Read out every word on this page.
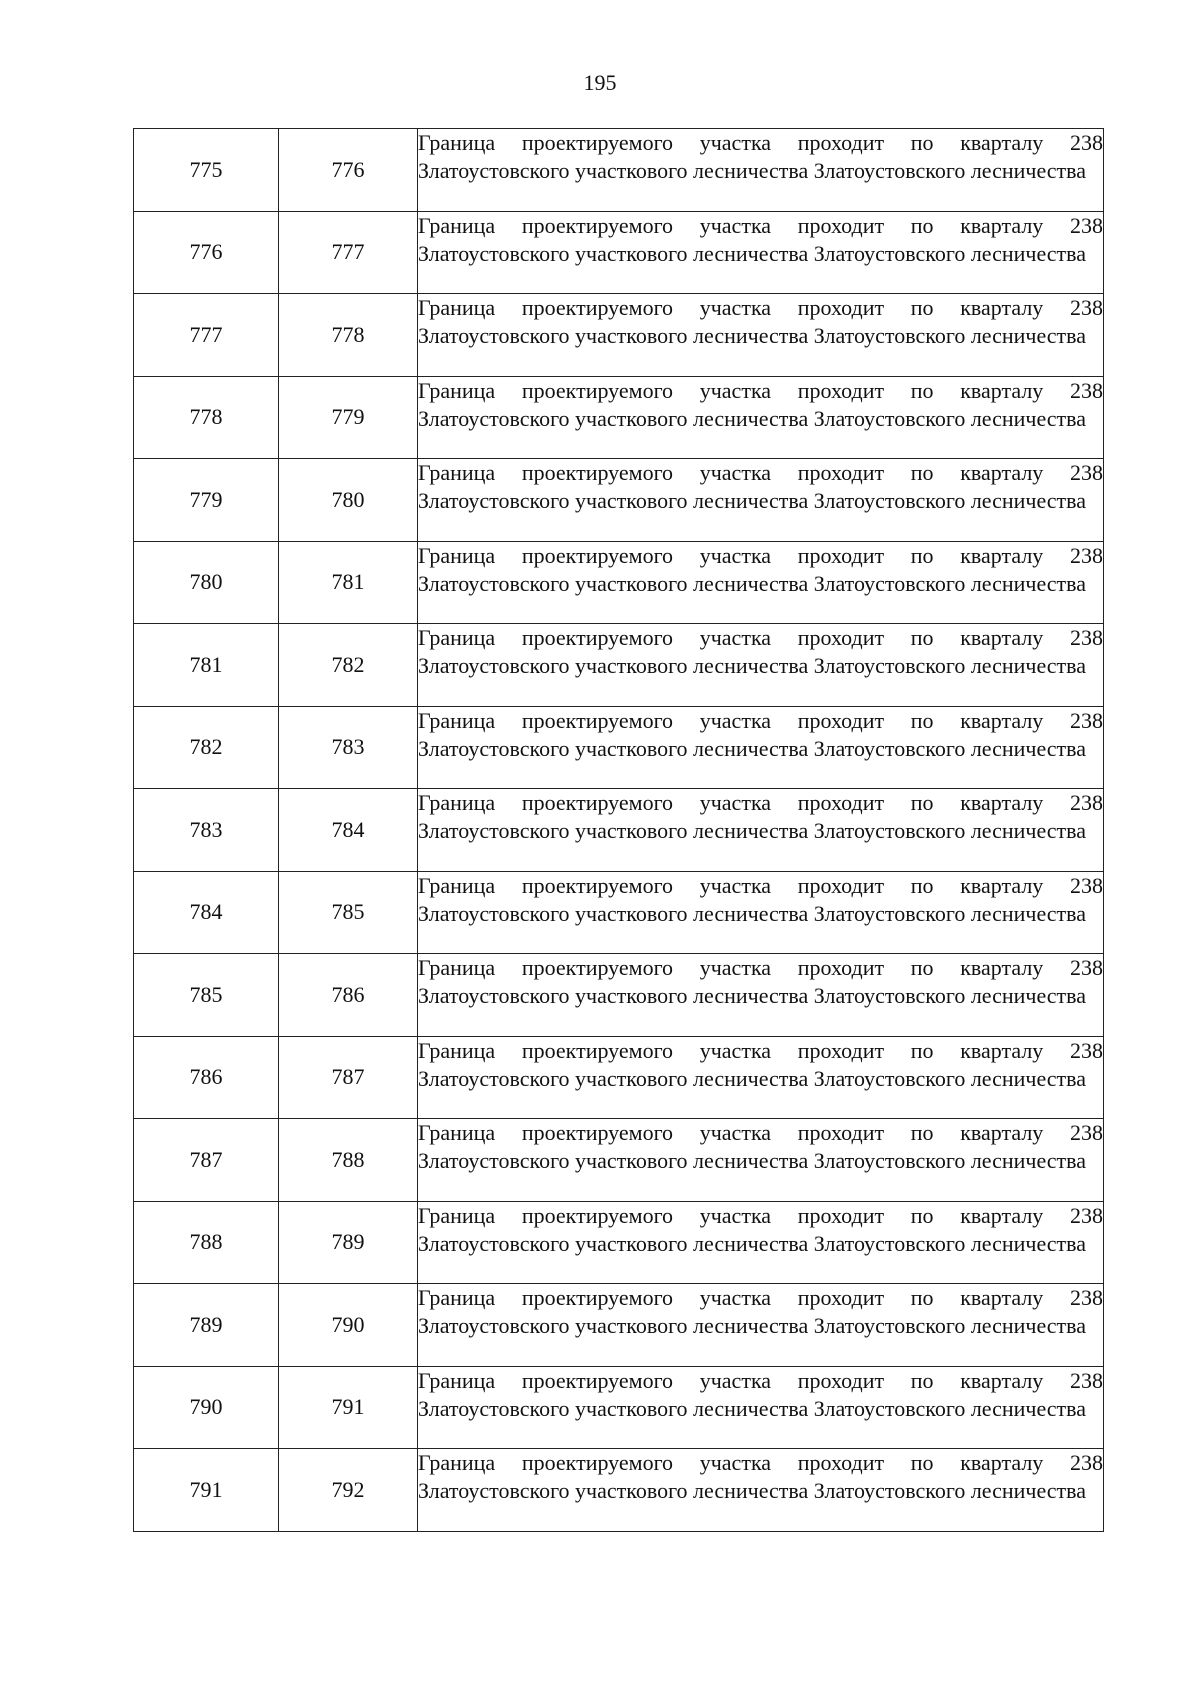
195
775	776	Граница проектируемого участка проходит по кварталу 238 Златоустовского участкового лесничества Златоустовского лесничества
776	777	Граница проектируемого участка проходит по кварталу 238 Златоустовского участкового лесничества Златоустовского лесничества
777	778	Граница проектируемого участка проходит по кварталу 238 Златоустовского участкового лесничества Златоустовского лесничества
778	779	Граница проектируемого участка проходит по кварталу 238 Златоустовского участкового лесничества Златоустовского лесничества
779	780	Граница проектируемого участка проходит по кварталу 238 Златоустовского участкового лесничества Златоустовского лесничества
780	781	Граница проектируемого участка проходит по кварталу 238 Златоустовского участкового лесничества Златоустовского лесничества
781	782	Граница проектируемого участка проходит по кварталу 238 Златоустовского участкового лесничества Златоустовского лесничества
782	783	Граница проектируемого участка проходит по кварталу 238 Златоустовского участкового лесничества Златоустовского лесничества
783	784	Граница проектируемого участка проходит по кварталу 238 Златоустовского участкового лесничества Златоустовского лесничества
784	785	Граница проектируемого участка проходит по кварталу 238 Златоустовского участкового лесничества Златоустовского лесничества
785	786	Граница проектируемого участка проходит по кварталу 238 Златоустовского участкового лесничества Златоустовского лесничества
786	787	Граница проектируемого участка проходит по кварталу 238 Златоустовского участкового лесничества Златоустовского лесничества
787	788	Граница проектируемого участка проходит по кварталу 238 Златоустовского участкового лесничества Златоустовского лесничества
788	789	Граница проектируемого участка проходит по кварталу 238 Златоустовского участкового лесничества Златоустовского лесничества
789	790	Граница проектируемого участка проходит по кварталу 238 Златоустовского участкового лесничества Златоустовского лесничества
790	791	Граница проектируемого участка проходит по кварталу 238 Златоустовского участкового лесничества Златоустовского лесничества
791	792	Граница проектируемого участка проходит по кварталу 238 Златоустовского участкового лесничества Златоустовского лесничества
